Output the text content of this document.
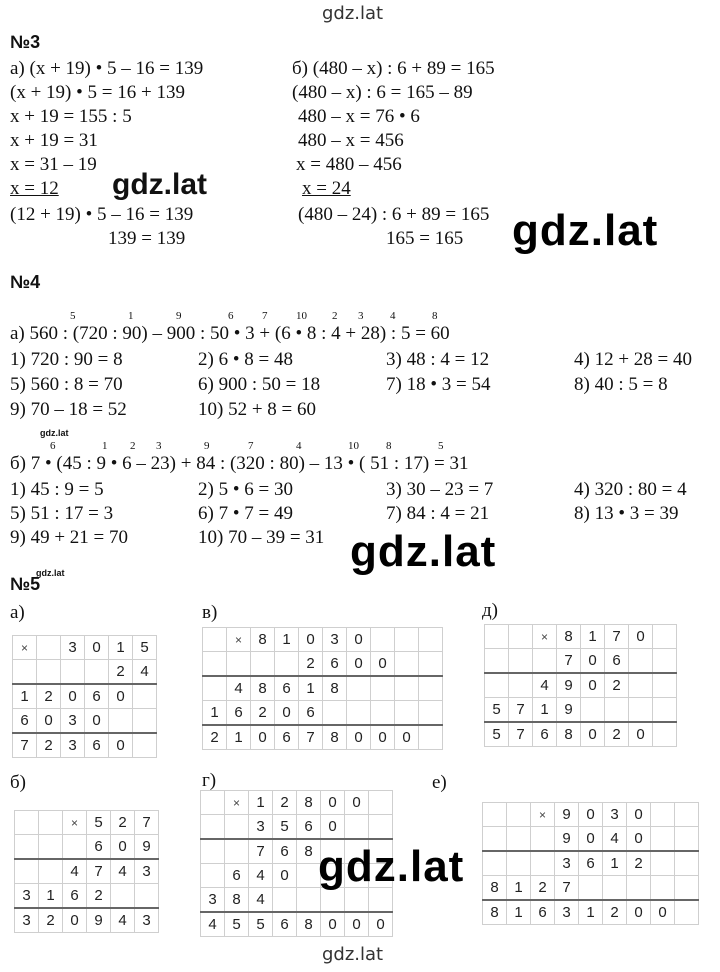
gdz.lat
gdz.lat
№3
а) (x + 19) • 5 – 16 = 139
(x + 19) • 5 = 16 + 139
x + 19 = 155 : 5
x + 19 = 31
x = 31 – 19
x = 12
(12 + 19) • 5 – 16 = 139
139 = 139
б) (480 – x) : 6 + 89 = 165
(480 – x) : 6 = 165 – 89
480 – x = 76 • 6
480 – x = 456
x = 480 – 456
x = 24
(480 – 24) : 6 + 89 = 165
165 = 165
gdz.lat
gdz.lat
№4
5	1	9	6	7	10 2 3 4	8
а) 560 : (720 : 90) – 900 : 50 • 3 + (6 • 8 : 4 + 28) : 5 = 60
1) 720 : 90 = 8	2) 6 • 8 = 48	3) 48 : 4 = 12	4) 12 + 28 = 40
5) 560 : 8 = 70	6) 900 : 50 = 18	7) 18 • 3 = 54	8) 40 : 5 = 8
9) 70 – 18 = 52	10) 52 + 8 = 60
gdz.lat
6	1 2 3	9	7	4	10 8	5
б) 7 • (45 : 9 • 6 – 23) + 84 : (320 : 80) – 13 • ( 51 : 17) = 31
1) 45 : 9 = 5	2) 5 • 6 = 30	3) 30 – 23 = 7	4) 320 : 80 = 4
5) 51 : 17 = 3	6) 7 • 7 = 49	7) 84 : 4 = 21	8) 13 • 3 = 39
9) 49 + 21 = 70	10) 70 – 39 = 31 gdz.lat
№5
gdz.lat
а)	в)	д)
б)	г)	е)
×		3	0	1	5
				2	4
1	2	0	6	0	
6	0	3	0		
7	2	3	6	0	
	×	8	1	0	3	0			
				2	6	0	0		
	4	8	6	1	8				
1	6	2	0	6					
2	1	0	6	7	8	0	0	0	
		×	8	1	7	0	
			7	0	6		
		4	9	0	2		
5	7	1	9				
5	7	6	8	0	2	0	
		×	5	2	7
			6	0	9
		4	7	4	3
3	1	6	2		
3	2	0	9	4	3
	×	1	2	8	0	0	
		3	5	6	0		
		7	6	8			
	6	4	0				
3	8	4					
4	5	5	6	8	0	0	0
		×	9	0	3	0		
			9	0	4	0		
			3	6	1	2		
8	1	2	7					
8	1	6	3	1	2	0	0	
gdz.lat
